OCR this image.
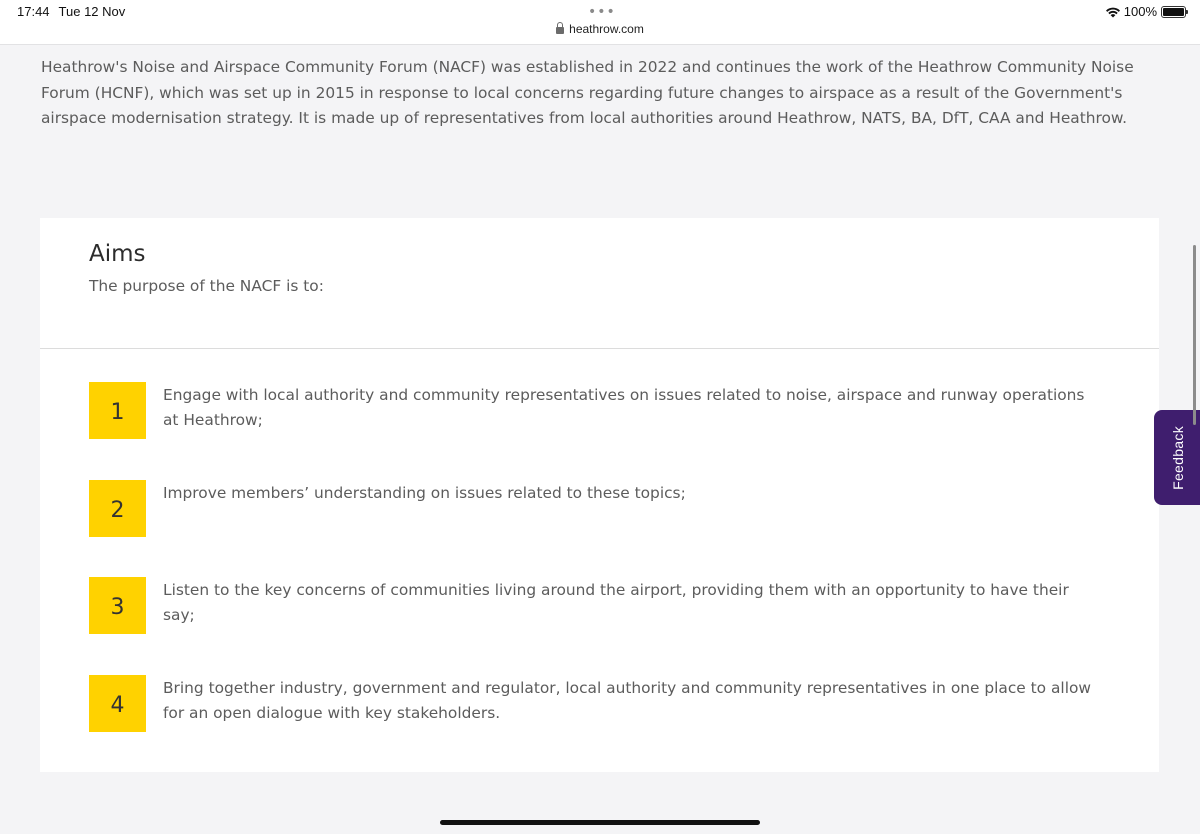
17:44 Tue 12 Nov	•••
heathrow.com
100%

Heathrow's Noise and Airspace Community Forum (NACF) was established in 2022 and continues the work of the Heathrow Community Noise Forum (HCNF), which was set up in 2015 in response to local concerns regarding future changes to airspace as a result of the Government's airspace modernisation strategy. It is made up of representatives from local authorities around Heathrow, NATS, BA, DfT, CAA and Heathrow.

Aims

The purpose of the NACF is to:

1

Engage with local authority and community representatives on issues related to noise, airspace and runway operations at Heathrow;

2

Improve members’ understanding on issues related to these topics;

3

Listen to the key concerns of communities living around the airport, providing them with an opportunity to have their say;

4

Bring together industry, government and regulator, local authority and community representatives in one place to allow for an open dialogue with key stakeholders.

Feedback
